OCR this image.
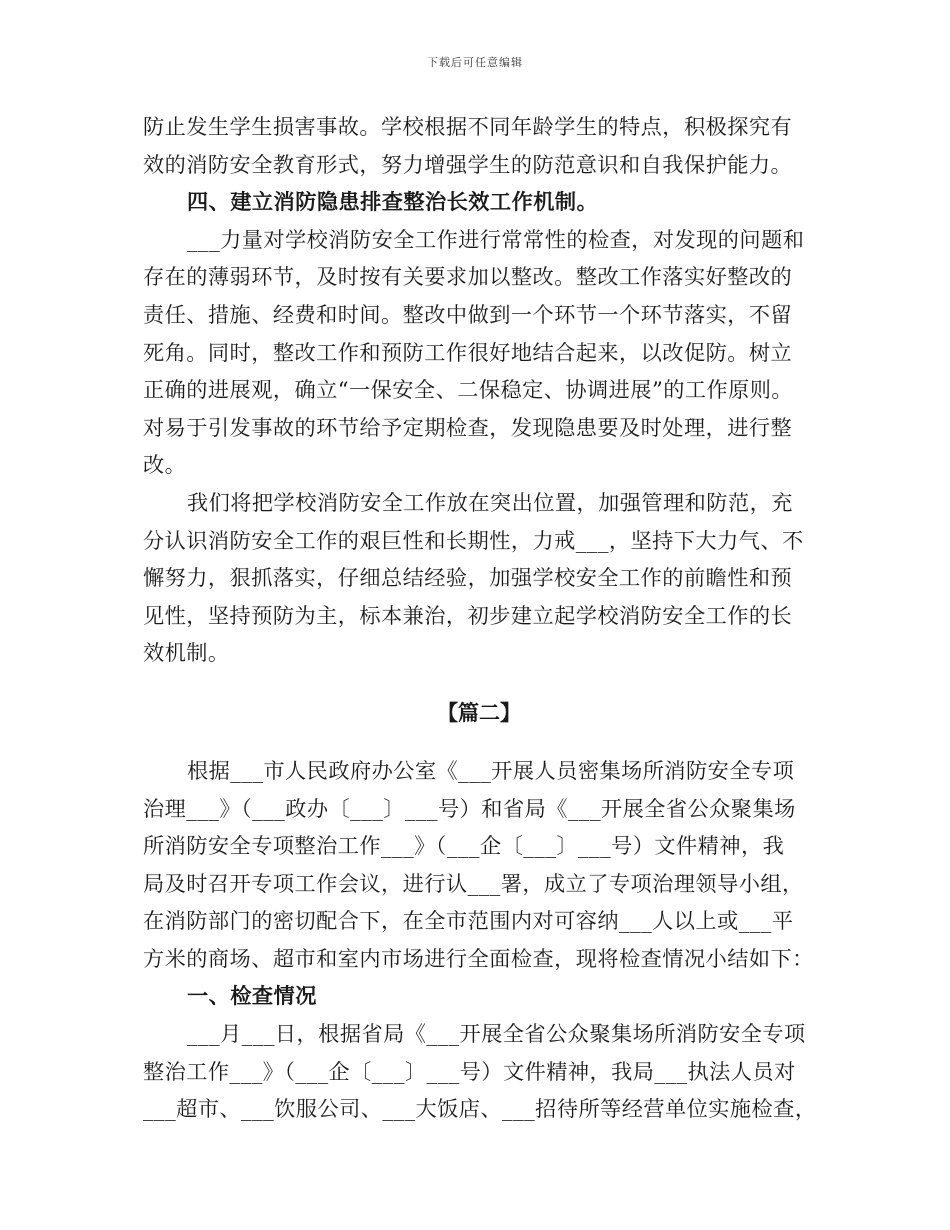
下载后可任意编辑
防止发生学生损害事故。学校根据不同年龄学生的特点，积极探究有
效的消防安全教育形式，努力增强学生的防范意识和自我保护能力。
四、建立消防隐患排查整治长效工作机制。
___力量对学校消防安全工作进行常常性的检查，对发现的问题和
存在的薄弱环节，及时按有关要求加以整改。整改工作落实好整改的
责任、措施、经费和时间。整改中做到一个环节一个环节落实，不留
死角。同时，整改工作和预防工作很好地结合起来，以改促防。树立
正确的进展观，确立“一保安全、二保稳定、协调进展”的工作原则。
对易于引发事故的环节给予定期检查，发现隐患要及时处理，进行整
改。
我们将把学校消防安全工作放在突出位置，加强管理和防范，充
分认识消防安全工作的艰巨性和长期性，力戒___，坚持下大力气、不
懈努力，狠抓落实，仔细总结经验，加强学校安全工作的前瞻性和预
见性，坚持预防为主，标本兼治，初步建立起学校消防安全工作的长
效机制。
【篇二】
根据___市人民政府办公室《___开展人员密集场所消防安全专项
治理___》（___政办〔___〕___号）和省局《___开展全省公众聚集场
所消防安全专项整治工作___》（___企〔___〕___号）文件精神，我
局及时召开专项工作会议，进行认___署，成立了专项治理领导小组，
在消防部门的密切配合下，在全市范围内对可容纳___人以上或___平
方米的商场、超市和室内市场进行全面检查，现将检查情况小结如下：
一、检查情况
___月___日，根据省局《___开展全省公众聚集场所消防安全专项
整治工作___》（___企〔___〕___号）文件精神，我局___执法人员对
___超市、___饮服公司、___大饭店、___招待所等经营单位实施检查，
